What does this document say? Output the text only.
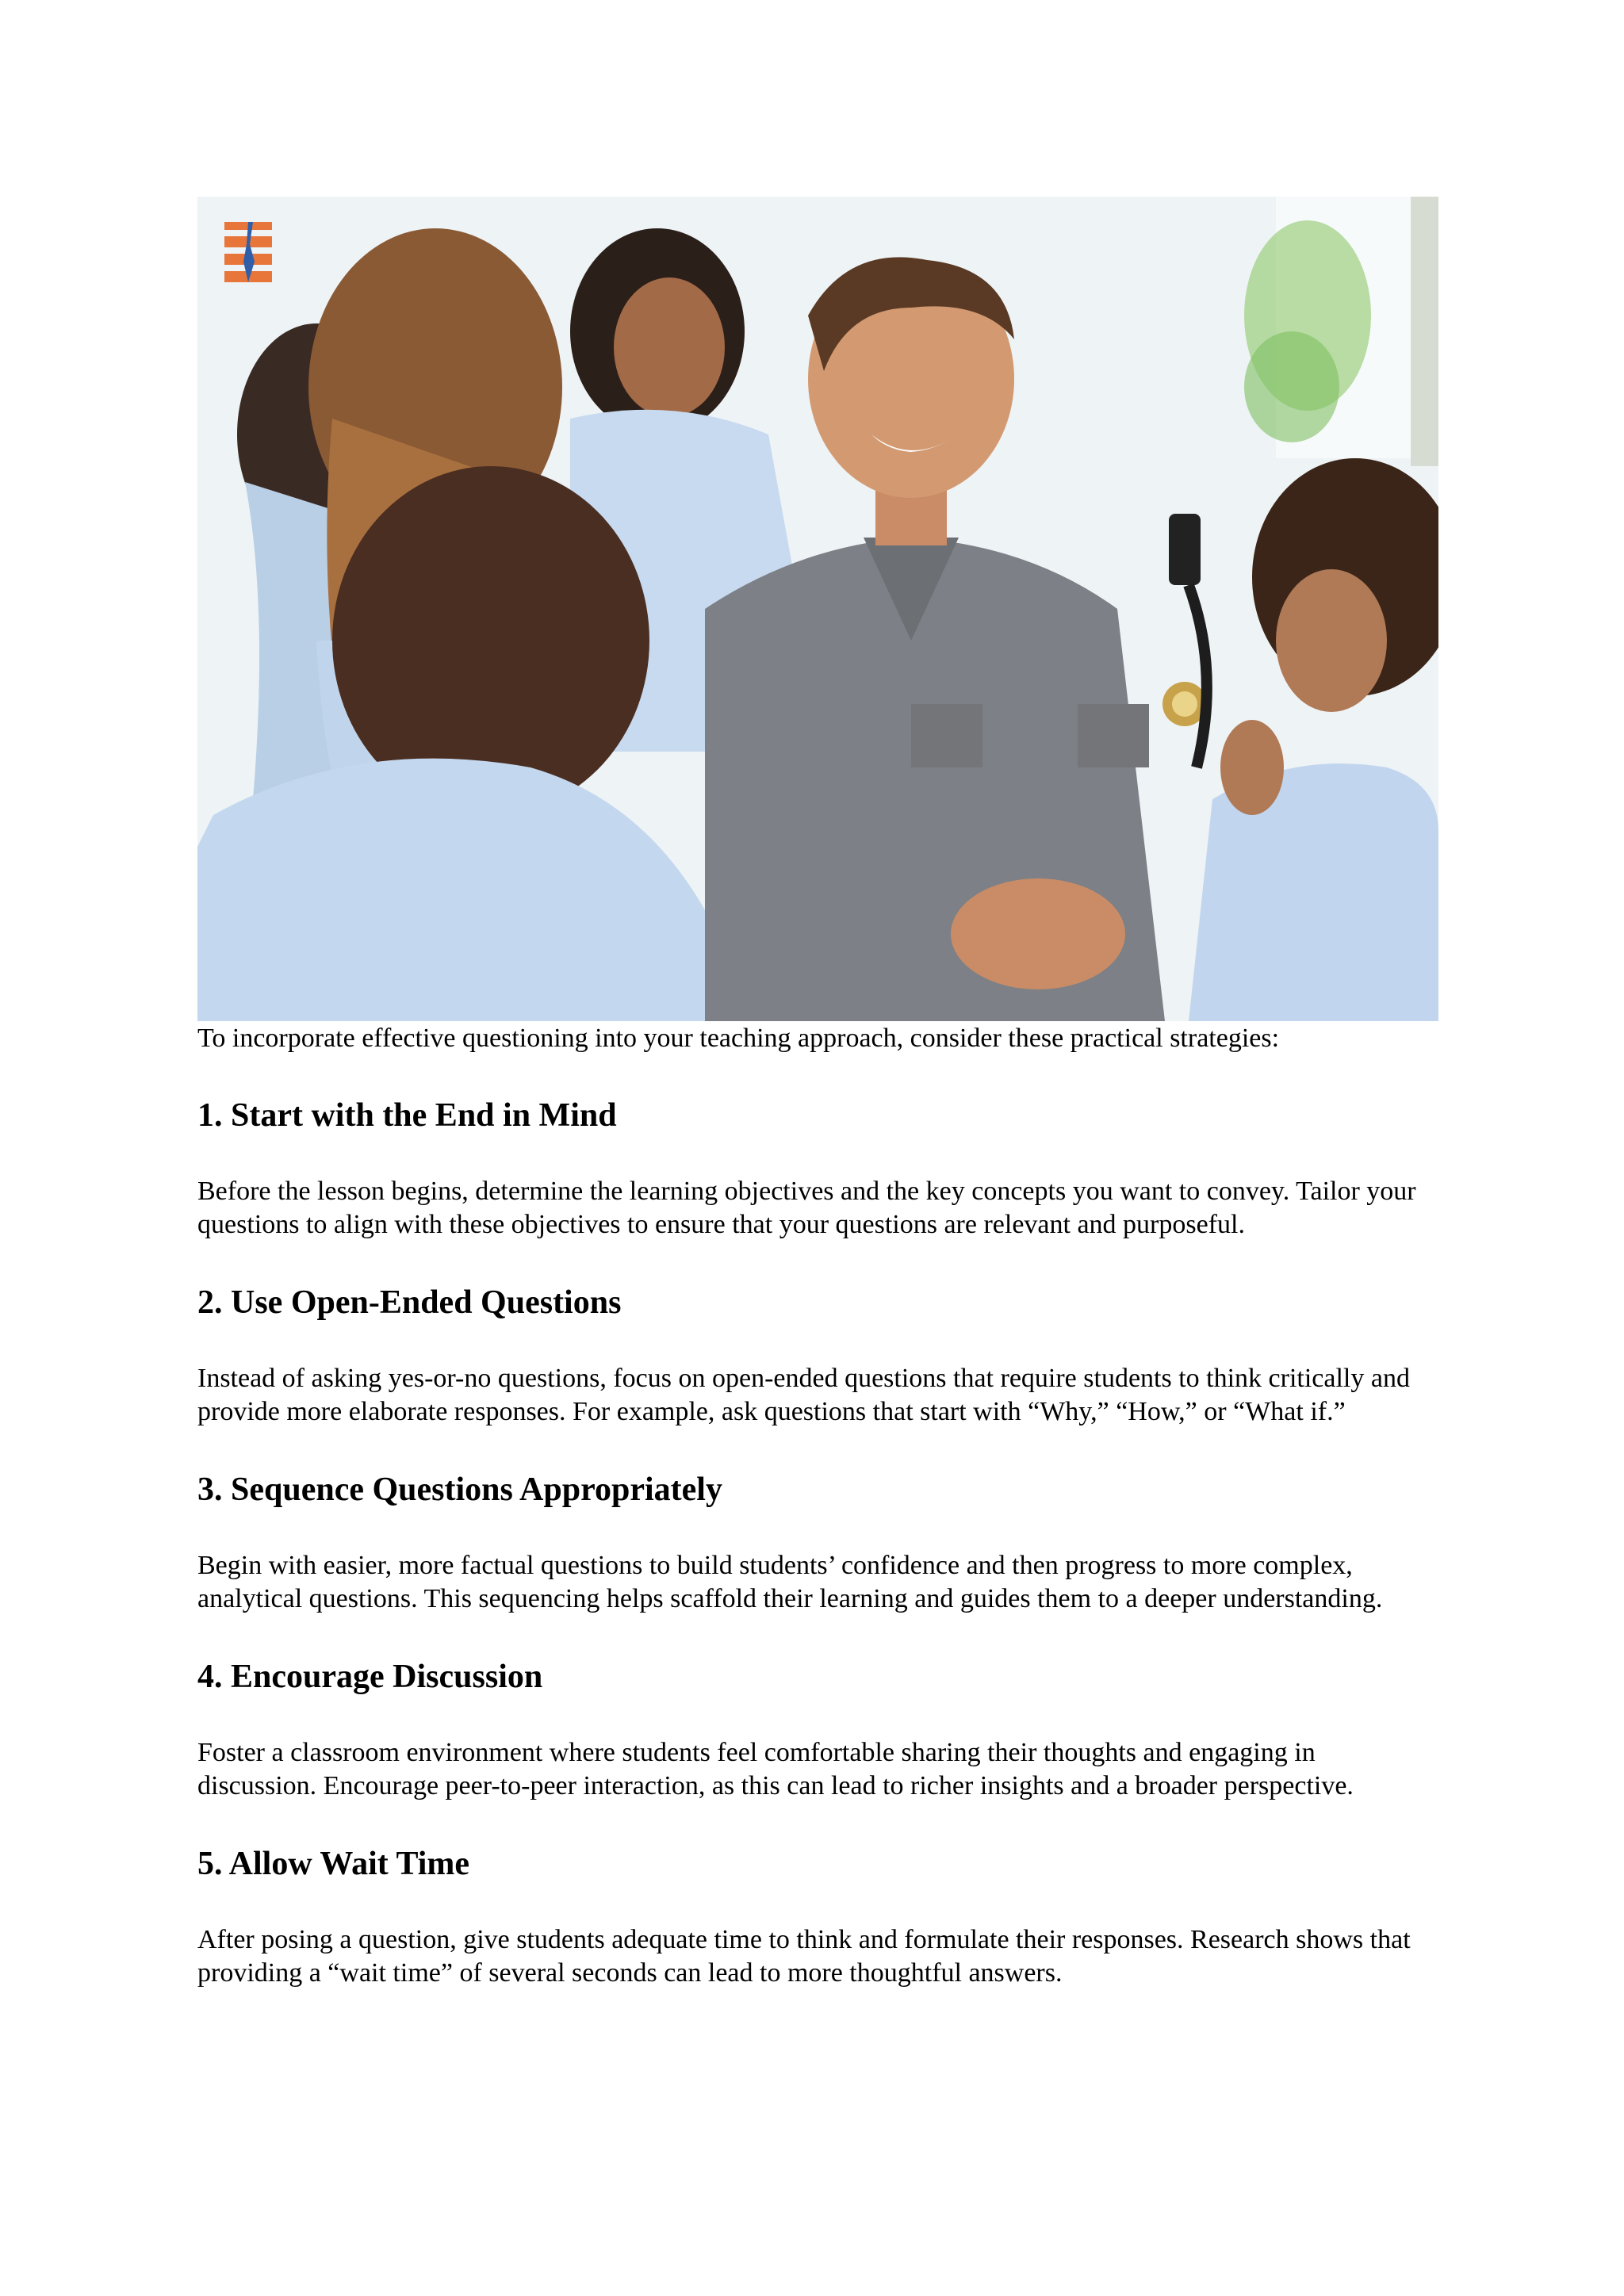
To incorporate effective questioning into your teaching approach, consider these practical strategies:

1. Start with the End in Mind

Before the lesson begins, determine the learning objectives and the key concepts you want to convey. Tailor your questions to align with these objectives to ensure that your questions are relevant and purposeful.

2. Use Open-Ended Questions

Instead of asking yes-or-no questions, focus on open-ended questions that require students to think critically and provide more elaborate responses. For example, ask questions that start with “Why,” “How,” or “What if.”

3. Sequence Questions Appropriately

Begin with easier, more factual questions to build students’ confidence and then progress to more complex, analytical questions. This sequencing helps scaffold their learning and guides them to a deeper understanding.

4. Encourage Discussion

Foster a classroom environment where students feel comfortable sharing their thoughts and engaging in discussion. Encourage peer-to-peer interaction, as this can lead to richer insights and a broader perspective.

5. Allow Wait Time

After posing a question, give students adequate time to think and formulate their responses. Research shows that providing a “wait time” of several seconds can lead to more thoughtful answers.
